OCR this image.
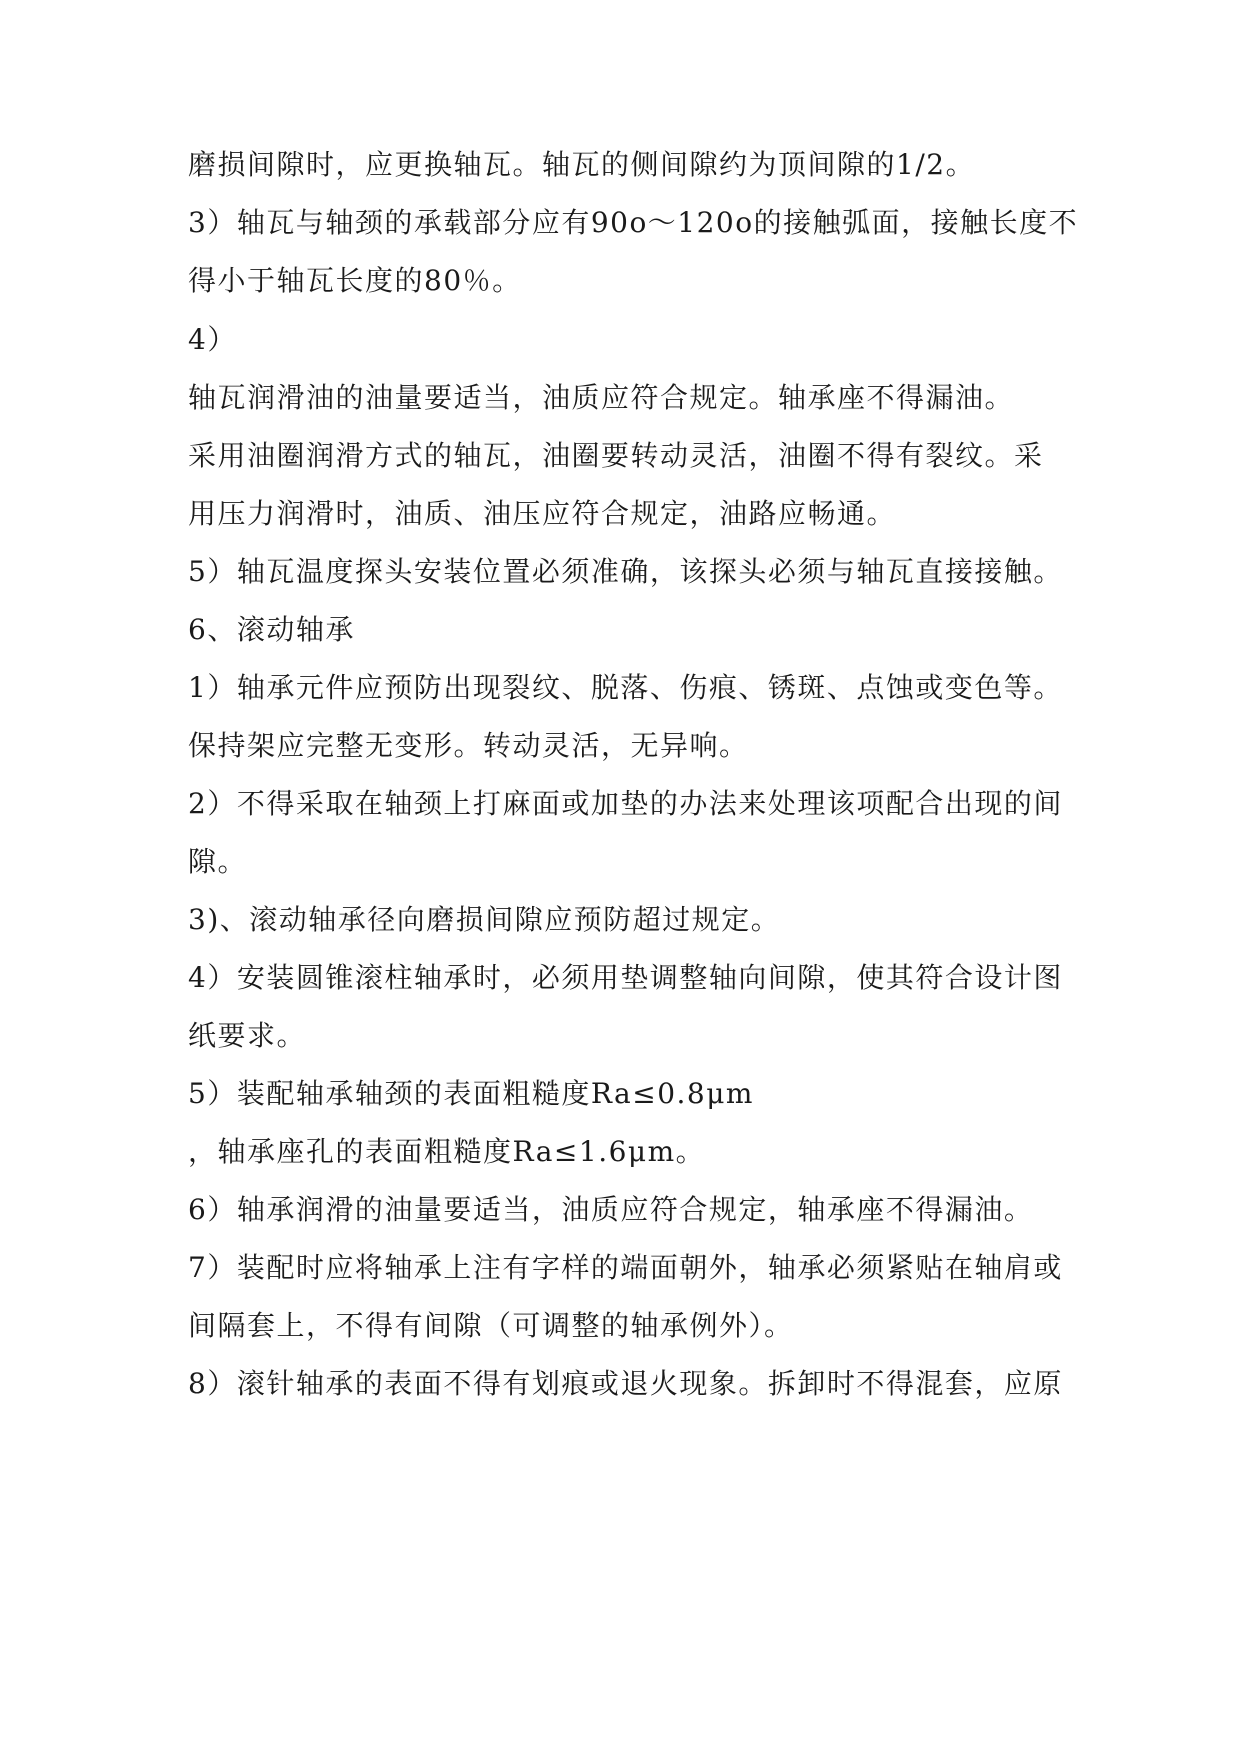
磨损间隙时，应更换轴瓦。轴瓦的侧间隙约为顶间隙的1/2。
3）轴瓦与轴颈的承载部分应有90o～120o的接触弧面，接触长度不
得小于轴瓦长度的80％。
4）
轴瓦润滑油的油量要适当，油质应符合规定。轴承座不得漏油。
采用油圈润滑方式的轴瓦，油圈要转动灵活，油圈不得有裂纹。采
用压力润滑时，油质、油压应符合规定，油路应畅通。
5）轴瓦温度探头安装位置必须准确，该探头必须与轴瓦直接接触。
6、滚动轴承
1）轴承元件应预防出现裂纹、脱落、伤痕、锈斑、点蚀或变色等。
保持架应完整无变形。转动灵活，无异响。
2）不得采取在轴颈上打麻面或加垫的办法来处理该项配合出现的间
隙。
3)、滚动轴承径向磨损间隙应预防超过规定。
4）安装圆锥滚柱轴承时，必须用垫调整轴向间隙，使其符合设计图
纸要求。
5）装配轴承轴颈的表面粗糙度Ra≤0.8μm
，轴承座孔的表面粗糙度Ra≤1.6μm。
6）轴承润滑的油量要适当，油质应符合规定，轴承座不得漏油。
7）装配时应将轴承上注有字样的端面朝外，轴承必须紧贴在轴肩或
间隔套上，不得有间隙（可调整的轴承例外）。
8）滚针轴承的表面不得有划痕或退火现象。拆卸时不得混套，应原
